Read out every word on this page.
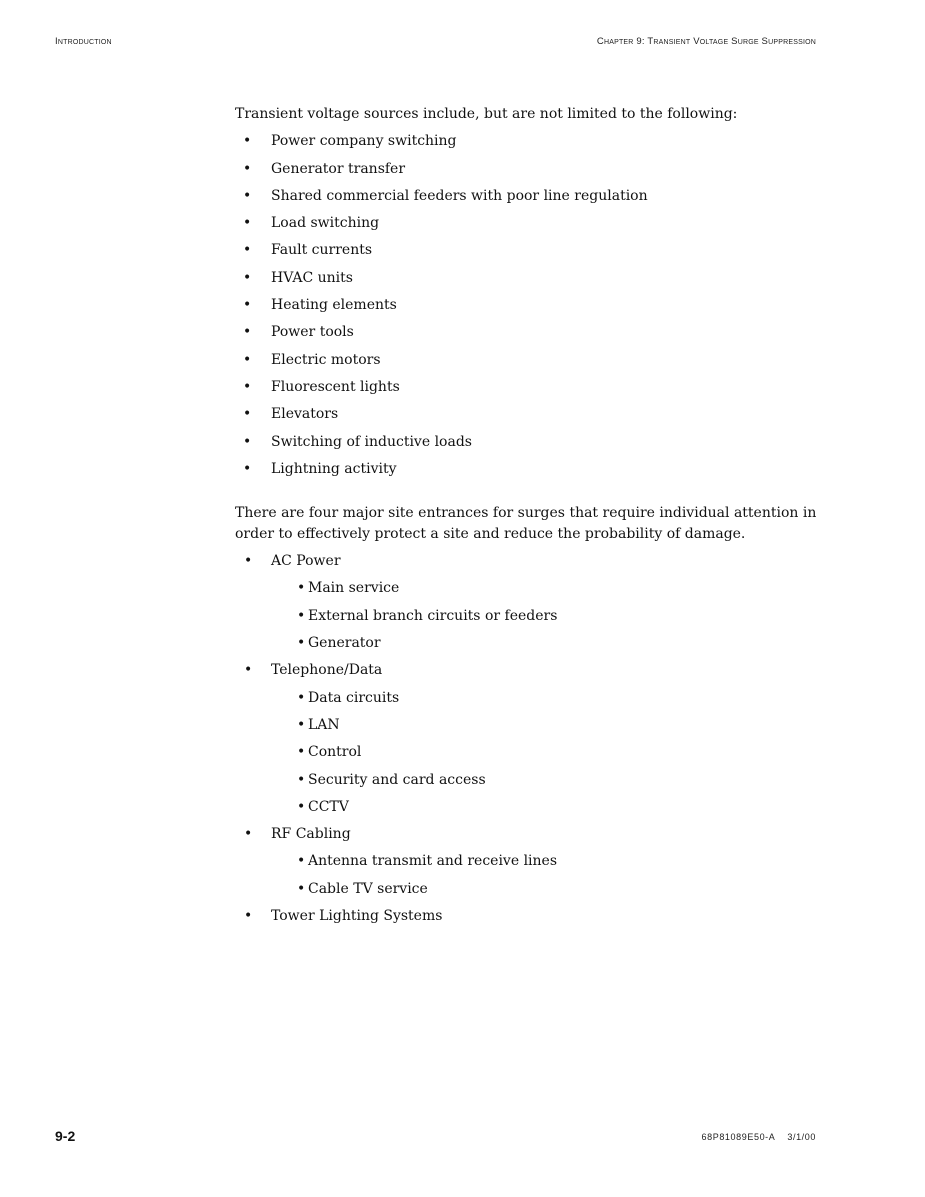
Introduction	Chapter 9: Transient Voltage Surge Suppression

Transient voltage sources include, but are not limited to the following:

• Power company switching
• Generator transfer
• Shared commercial feeders with poor line regulation
• Load switching
• Fault currents
• HVAC units
• Heating elements
• Power tools
• Electric motors
• Fluorescent lights
• Elevators
• Switching of inductive loads
• Lightning activity

There are four major site entrances for surges that require individual attention in order to effectively protect a site and reduce the probability of damage.

• AC Power
• Main service
• External branch circuits or feeders
• Generator
• Telephone/Data
• Data circuits
• LAN
• Control
• Security and card access
• CCTV
• RF Cabling
• Antenna transmit and receive lines
• Cable TV service
• Tower Lighting Systems
9-2	68P81089E50-A 3/1/00
